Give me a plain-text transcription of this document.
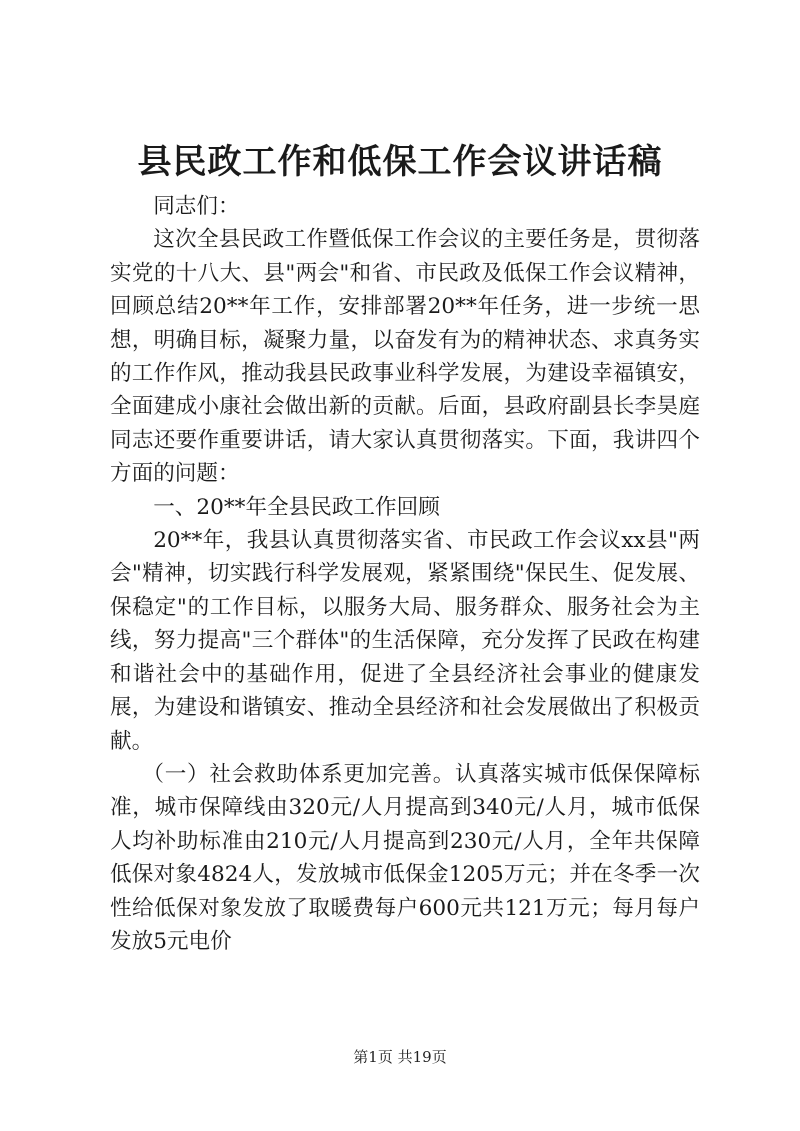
县民政工作和低保工作会议讲话稿

同志们：

这次全县民政工作暨低保工作会议的主要任务是，贯彻落实党的十八大、县"两会"和省、市民政及低保工作会议精神，回顾总结20**年工作，安排部署20**年任务，进一步统一思想，明确目标，凝聚力量，以奋发有为的精神状态、求真务实的工作作风，推动我县民政事业科学发展，为建设幸福镇安，全面建成小康社会做出新的贡献。后面，县政府副县长李昊庭同志还要作重要讲话，请大家认真贯彻落实。下面，我讲四个方面的问题：

一、20**年全县民政工作回顾

20**年，我县认真贯彻落实省、市民政工作会议xx县"两会"精神，切实践行科学发展观，紧紧围绕"保民生、促发展、保稳定"的工作目标，以服务大局、服务群众、服务社会为主线，努力提高"三个群体"的生活保障，充分发挥了民政在构建和谐社会中的基础作用，促进了全县经济社会事业的健康发展，为建设和谐镇安、推动全县经济和社会发展做出了积极贡献。

（一）社会救助体系更加完善。认真落实城市低保保障标准，城市保障线由320元/人月提高到340元/人月，城市低保人均补助标准由210元/人月提高到230元/人月，全年共保障低保对象4824人，发放城市低保金1205万元；并在冬季一次性给低保对象发放了取暖费每户600元共121万元；每月每户发放5元电价

第1页 共19页
